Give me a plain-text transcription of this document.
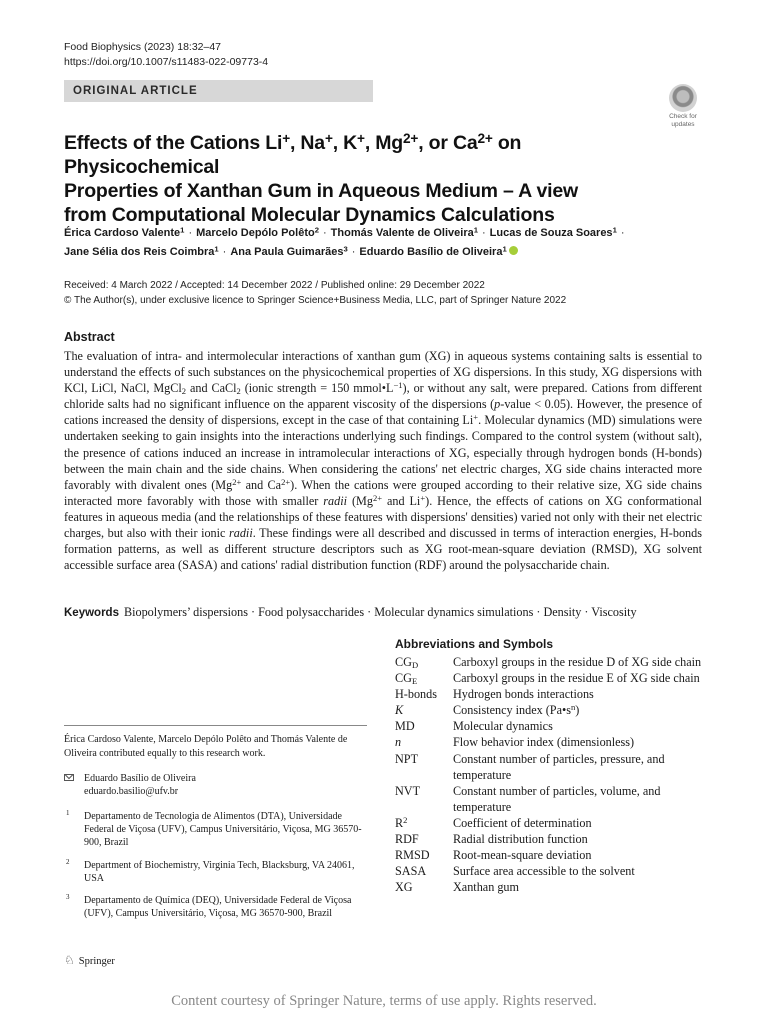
Food Biophysics (2023) 18:32–47
https://doi.org/10.1007/s11483-022-09773-4
ORIGINAL ARTICLE
Check for
updates
Effects of the Cations Li+, Na+, K+, $Mg^{2+}$, or $Ca^{2+}$ on Physicochemical
Properties of Xanthan Gum in Aqueous Medium – A view
from Computational Molecular Dynamics Calculations
Érica Cardoso Valente$^1$ · Marcelo Depólo Polêto$^2$ · Thomás Valente de Oliveira$^1$ · Lucas de Souza Soares$^1$ ·
Jane Sélia dos Reis Coimbra$^1$ · Ana Paula Guimarães$^3$ · Eduardo Basílio de Oliveira$^1$
Received: 4 March 2022 / Accepted: 14 December 2022 / Published online: 29 December 2022
© The Author(s), under exclusive licence to Springer Science+Business Media, LLC, part of Springer Nature 2022
Abstract
The evaluation of intra- and intermolecular interactions of xanthan gum (XG) in aqueous systems containing salts is essential to understand the effects of such substances on the physicochemical properties of XG dispersions. In this study, XG dispersions with KCl, LiCl, NaCl, MgCl$_2$ and CaCl$_2$ (ionic strength = 150 $mmol•L^{-1}$), or without any salt, were prepared. Cations from different chloride salts had no significant influence on the apparent viscosity of the dispersions (p-value < 0.05). However, the presence of cations increased the density of dispersions, except in the case of that containing Li+. Molecular dynamics (MD) simulations were undertaken seeking to gain insights into the interactions underlying such findings. Compared to the control system (without salt), the presence of cations induced an increase in intramolecular interactions of XG, especially through hydrogen bonds (H-bonds) between the main chain and the side chains. When considering the cations' net electric charges, XG side chains interacted more favorably with divalent ones ($Mg^{2+}$ and $Ca^{2+}$). When the cations were grouped according to their relative size, XG side chains interacted more favorably with those with smaller radii ($Mg^{2+}$ and Li+). Hence, the effects of cations on XG conformational features in aqueous media (and the relationships of these features with dispersions' densities) varied not only with their net electric charges, but also with their ionic radii. These findings were all described and discussed in terms of interaction energies, H-bonds formation patterns, as well as different structure descriptors such as XG root-mean-square deviation (RMSD), XG solvent accessible surface area (SASA) and cations' radial distribution function (RDF) around the polysaccharide chain.
Keywords Biopolymers’ dispersions · Food polysaccharides · Molecular dynamics simulations · Density · Viscosity
Abbreviations and Symbols
$CG_D$	Carboxyl groups in the residue D of XG side chain
$CG_E$	Carboxyl groups in the residue E of XG side chain
H-bonds	Hydrogen bonds interactions
K	Consistency index $(Pa•s^n)$
MD	Molecular dynamics
n	Flow behavior index (dimensionless)
NPT	Constant number of particles, pressure, and temperature
NVT	Constant number of particles, volume, and temperature
$R^2$	Coefficient of determination
RDF	Radial distribution function
RMSD	Root-mean-square deviation
SASA	Surface area accessible to the solvent
XG	Xanthan gum
Érica Cardoso Valente, Marcelo Depólo Polêto and Thomás Valente de Oliveira contributed equally to this research work.
Eduardo Basílio de Oliveira
eduardo.basilio@ufv.br
1 Departamento de Tecnologia de Alimentos (DTA), Universidade Federal de Viçosa (UFV), Campus Universitário, Viçosa, MG 36570-900, Brazil
2 Department of Biochemistry, Virginia Tech, Blacksburg, VA 24061, USA
3 Departamento de Química (DEQ), Universidade Federal de Viçosa (UFV), Campus Universitário, Viçosa, MG 36570-900, Brazil
♘ Springer
Content courtesy of Springer Nature, terms of use apply. Rights reserved.
